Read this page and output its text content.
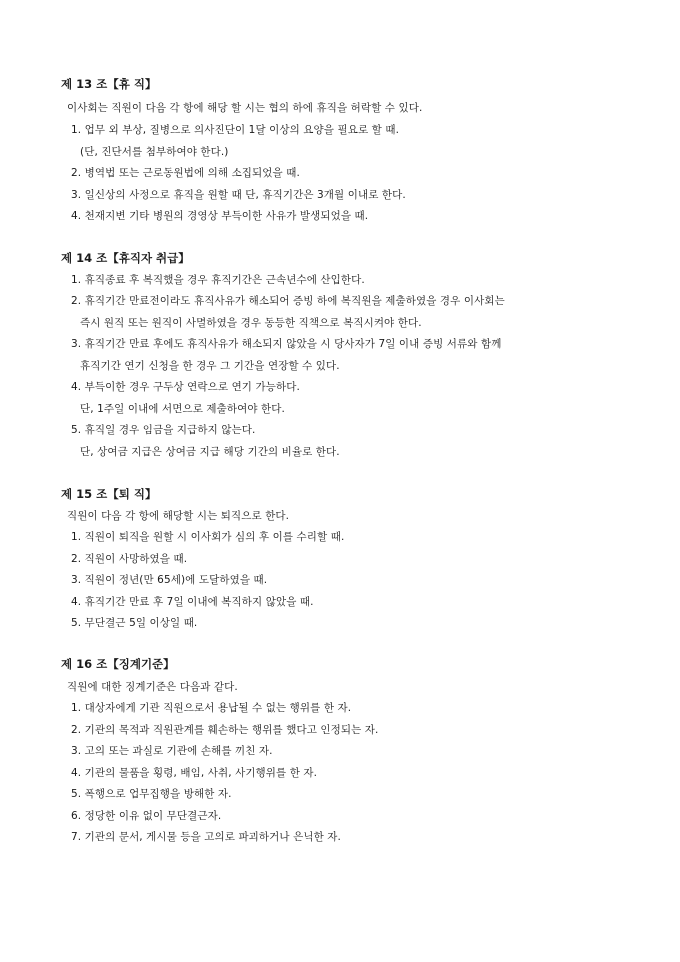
제 13 조【휴 직】
이사회는 직원이 다음 각 항에 해당 할 시는 협의 하에 휴직을 허락할 수 있다.
1. 업무 외 부상, 질병으로 의사진단이 1달 이상의 요양을 필요로 할 때.
(단, 진단서를 첨부하여야 한다.)
2. 병역법 또는 근로동원법에 의해 소집되었을 때.
3. 일신상의 사정으로 휴직을 원할 때 단, 휴직기간은 3개월 이내로 한다.
4. 천재지변 기타 병원의 경영상 부득이한 사유가 발생되었을 때.
제 14 조【휴직자 취급】
1. 휴직종료 후 복직했을 경우 휴직기간은 근속년수에 산입한다.
2. 휴직기간 만료전이라도 휴직사유가 해소되어 증빙 하에 복직원을 제출하였을 경우 이사회는
즉시 원직 또는 원직이 사멸하였을 경우 동등한 직책으로 복직시켜야 한다.
3. 휴직기간 만료 후에도 휴직사유가 해소되지 않았을 시 당사자가 7일 이내 증빙 서류와 함께
휴직기간 연기 신청을 한 경우 그 기간을 연장할 수 있다.
4. 부득이한 경우 구두상 연락으로 연기 가능하다.
단, 1주일 이내에 서면으로 제출하여야 한다.
5. 휴직일 경우 임금을 지급하지 않는다.
단, 상여금 지급은 상여금 지급 해당 기간의 비율로 한다.
제 15 조【퇴 직】
직원이 다음 각 항에 해당할 시는 퇴직으로 한다.
1. 직원이 퇴직을 원할 시 이사회가 심의 후 이를 수리할 때.
2. 직원이 사망하였을 때.
3. 직원이 정년(만 65세)에 도달하였을 때.
4. 휴직기간 만료 후 7일 이내에 복직하지 않았을 때.
5. 무단결근 5일 이상일 때.
제 16 조【징계기준】
직원에 대한 징계기준은 다음과 같다.
1. 대상자에게 기관 직원으로서 용납될 수 없는 행위를 한 자.
2. 기관의 목적과 직원관계를 훼손하는 행위를 했다고 인정되는 자.
3. 고의 또는 과실로 기관에 손해를 끼친 자.
4. 기관의 물품을 횡령, 배임, 사취, 사기행위를 한 자.
5. 폭행으로 업무집행을 방해한 자.
6. 정당한 이유 없이 무단결근자.
7. 기관의 문서, 게시물 등을 고의로 파괴하거나 은닉한 자.
